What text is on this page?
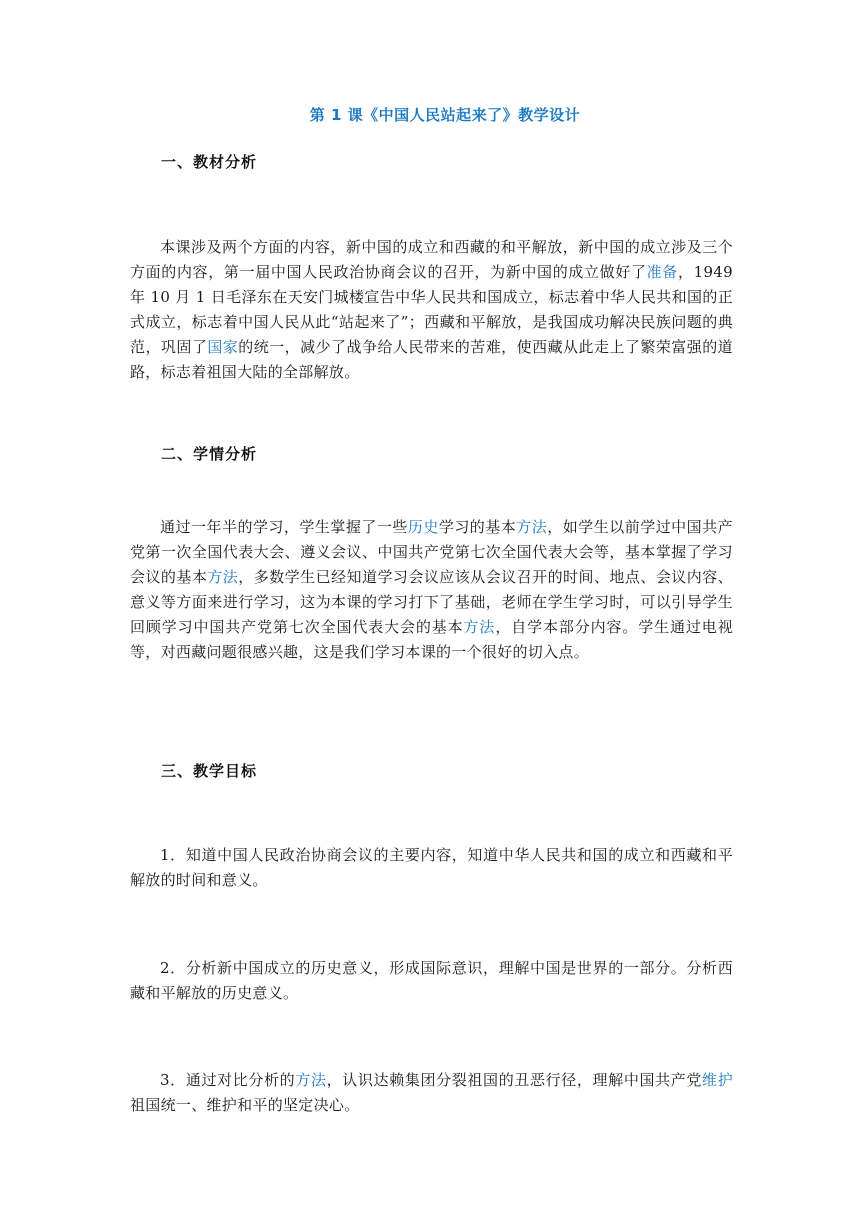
第 1 课《中国人民站起来了》教学设计
一、教材分析
本课涉及两个方面的内容，新中国的成立和西藏的和平解放，新中国的成立涉及三个方面的内容，第一届中国人民政治协商会议的召开，为新中国的成立做好了准备，1949 年 10 月 1 日毛泽东在天安门城楼宣告中华人民共和国成立，标志着中华人民共和国的正式成立，标志着中国人民从此“站起来了”；西藏和平解放，是我国成功解决民族问题的典范，巩固了国家的统一，减少了战争给人民带来的苦难，使西藏从此走上了繁荣富强的道路，标志着祖国大陆的全部解放。
二、学情分析
通过一年半的学习，学生掌握了一些历史学习的基本方法，如学生以前学过中国共产党第一次全国代表大会、遵义会议、中国共产党第七次全国代表大会等，基本掌握了学习会议的基本方法，多数学生已经知道学习会议应该从会议召开的时间、地点、会议内容、意义等方面来进行学习，这为本课的学习打下了基础，老师在学生学习时，可以引导学生回顾学习中国共产党第七次全国代表大会的基本方法，自学本部分内容。学生通过电视等，对西藏问题很感兴趣，这是我们学习本课的一个很好的切入点。
三、教学目标
1．知道中国人民政治协商会议的主要内容，知道中华人民共和国的成立和西藏和平解放的时间和意义。
2．分析新中国成立的历史意义，形成国际意识，理解中国是世界的一部分。分析西藏和平解放的历史意义。
3．通过对比分析的方法，认识达赖集团分裂祖国的丑恶行径，理解中国共产党维护祖国统一、维护和平的坚定决心。
